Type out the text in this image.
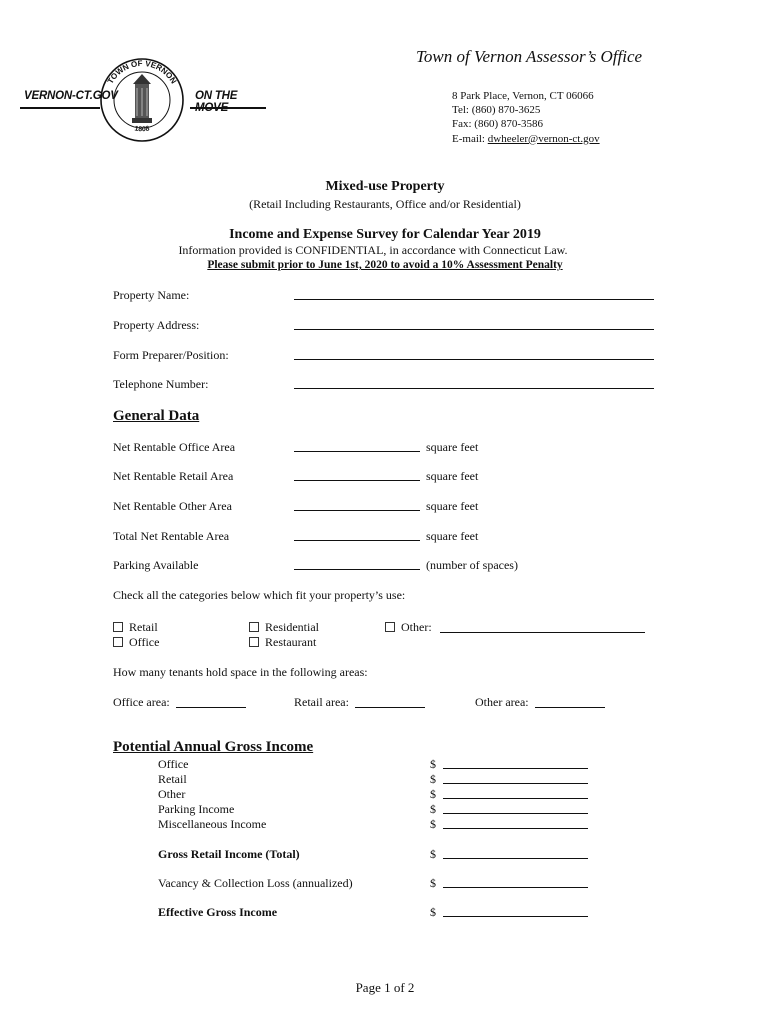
VERNON-CT.GOV
TOWN OF VERNON
1808
ON THE
Town of Vernon Assessor’s Office
8 Park Place, Vernon, CT 06066
Tel: (860) 870-3625
Fax: (860) 870-3586
E-mail: dwheeler@vernon-ct.gov
Mixed-use Property
(Retail Including Restaurants, Office and/or Residential)
Income and Expense Survey for Calendar Year 2019
Information provided is CONFIDENTIAL, in accordance with Connecticut Law.
Please submit prior to June 1st, 2020 to avoid a 10% Assessment Penalty
Property Name:
Property Address:
Form Preparer/Position:
Telephone Number:
General Data
Net Rentable Office Area	square feet
Net Rentable Retail Area	square feet
Net Rentable Other Area	square feet
Total Net Rentable Area	square feet
Parking Available	(number of spaces)
Check all the categories below which fit your property’s use:
Retail
Office
Residential
Restaurant
Other:
How many tenants hold space in the following areas:
Office area:	Retail area:	Other area:
Potential Annual Gross Income
Office	$
Retail	$
Other	$
Parking Income	$
Miscellaneous Income	$
Gross Retail Income (Total)	$
Vacancy & Collection Loss (annualized)	$
Effective Gross Income	$
Page 1 of 2
